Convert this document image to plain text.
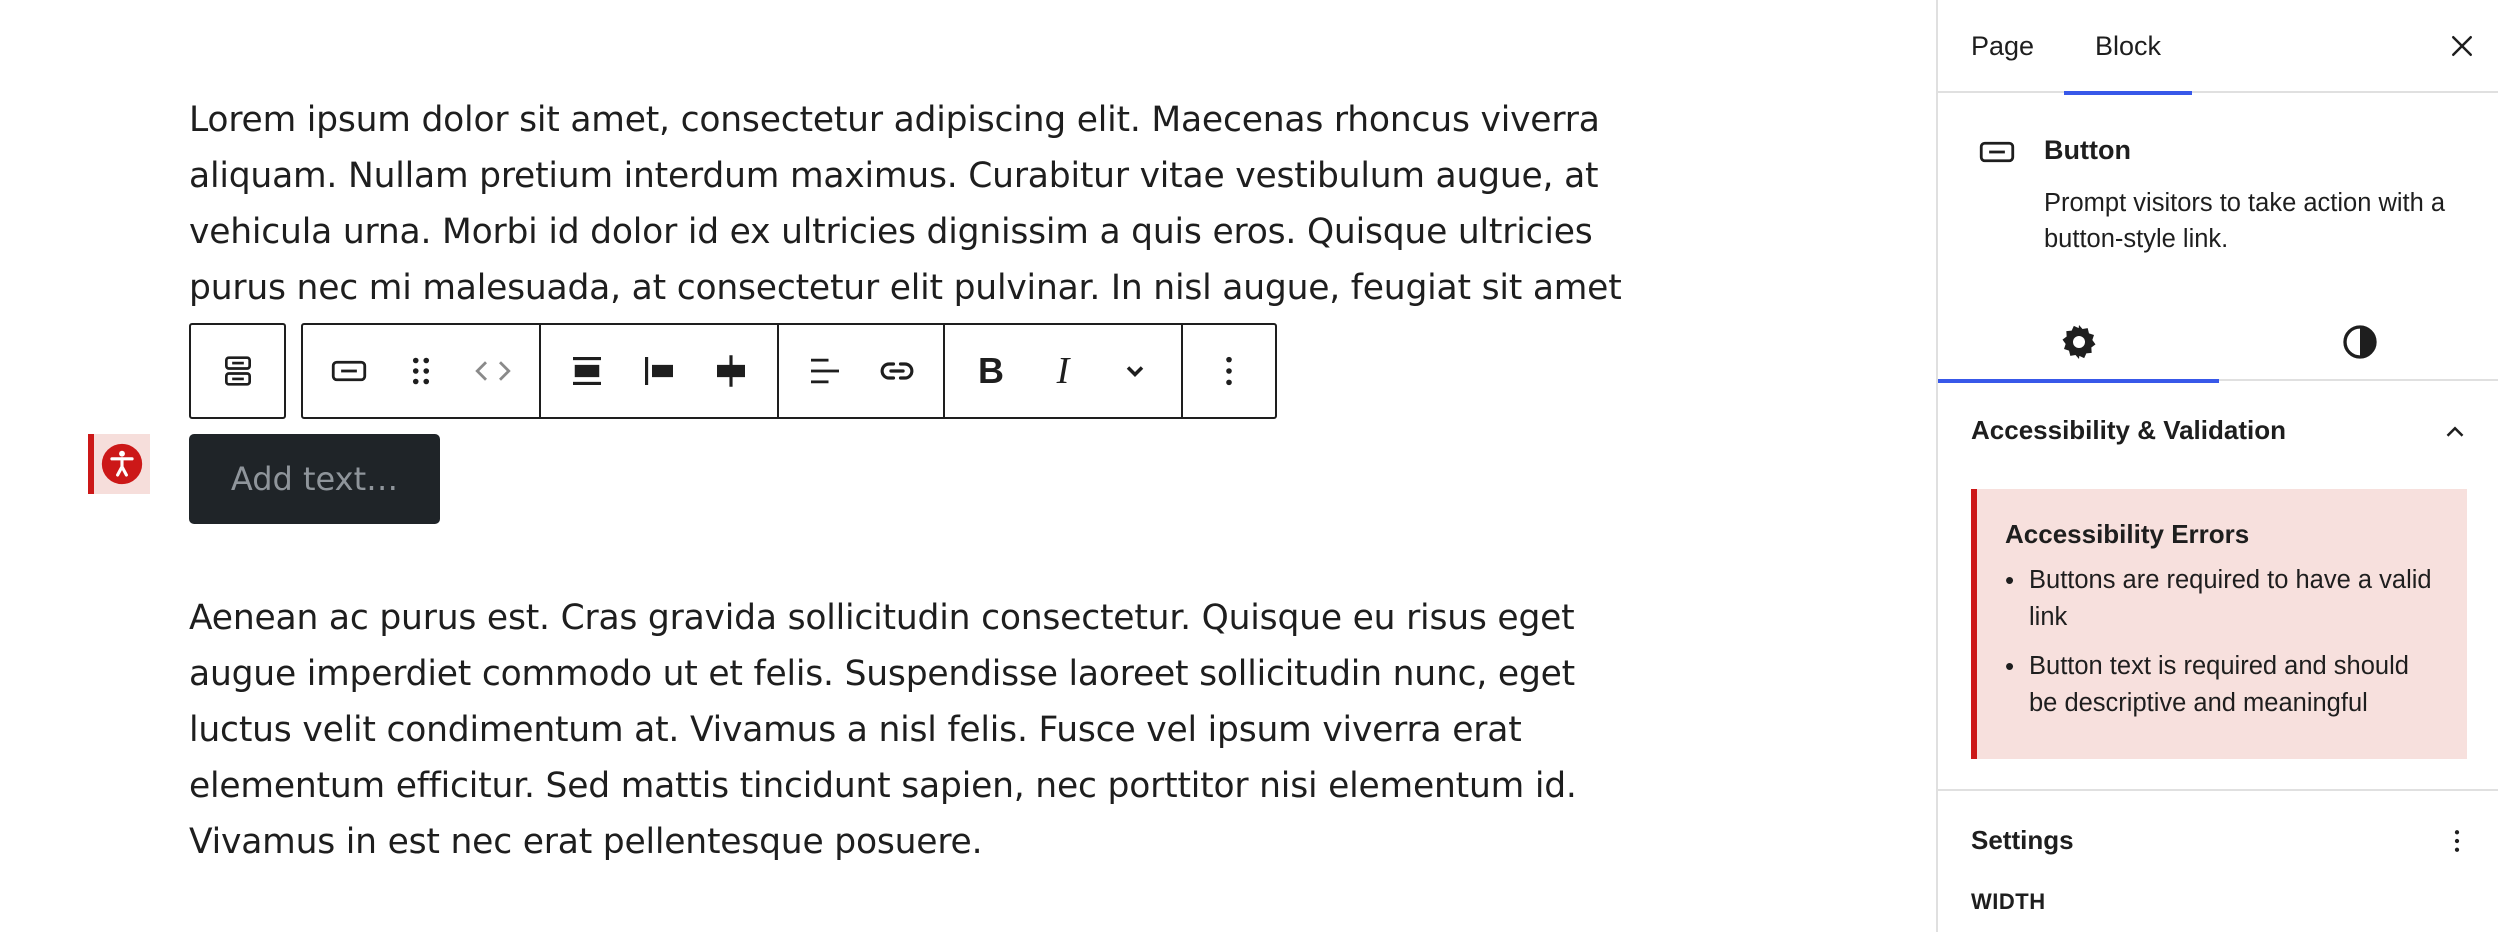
Lorem ipsum dolor sit amet, consectetur adipiscing elit. Maecenas rhoncus viverra aliquam. Nullam pretium interdum maximus. Curabitur vitae vestibulum augue, at vehicula urna. Morbi id dolor id ex ultricies dignissim a quis eros. Quisque ultricies purus nec mi malesuada, at consectetur elit pulvinar. In nisl augue, feugiat sit amet

B I
Add text…

Aenean ac purus est. Cras gravida sollicitudin consectetur. Quisque eu risus eget augue imperdiet commodo ut et felis. Suspendisse laoreet sollicitudin nunc, eget luctus velit condimentum at. Vivamus a nisl felis. Fusce vel ipsum viverra erat elementum efficitur. Sed mattis tincidunt sapien, nec porttitor nisi elementum id. Vivamus in est nec erat pellentesque posuere.

Page	Block
Button
Prompt visitors to take action with a button-style link.
Accessibility & Validation
Accessibility Errors
• Buttons are required to have a valid link
• Button text is required and should be descriptive and meaningful
Settings
WIDTH
